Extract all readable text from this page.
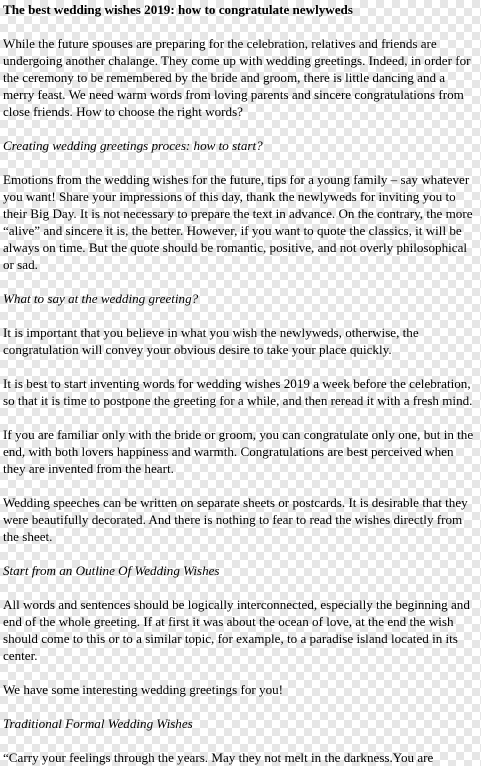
The best wedding wishes 2019: how to congratulate newlyweds

While the future spouses are preparing for the celebration, relatives and friends are undergoing another chalange. They come up with wedding greetings. Indeed, in order for the ceremony to be remembered by the bride and groom, there is little dancing and a merry feast. We need warm words from loving parents and sincere congratulations from close friends. How to choose the right words?

Creating wedding greetings proces: how to start?

Emotions from the wedding wishes for the future, tips for a young family – say whatever you want! Share your impressions of this day, thank the newlyweds for inviting you to their Big Day. It is not necessary to prepare the text in advance. On the contrary, the more “alive” and sincere it is, the better. However, if you want to quote the classics, it will be always on time. But the quote should be romantic, positive, and not overly philosophical or sad.

What to say at the wedding greeting?

It is important that you believe in what you wish the newlyweds, otherwise, the congratulation will convey your obvious desire to take your place quickly.

It is best to start inventing words for wedding wishes 2019 a week before the celebration, so that it is time to postpone the greeting for a while, and then reread it with a fresh mind.

If you are familiar only with the bride or groom, you can congratulate only one, but in the end, with both lovers happiness and warmth. Congratulations are best perceived when they are invented from the heart.

Wedding speeches can be written on separate sheets or postcards. It is desirable that they were beautifully decorated. And there is nothing to fear to read the wishes directly from the sheet.

Start from an Outline Of Wedding Wishes

All words and sentences should be logically interconnected, especially the beginning and end of the whole greeting. If at first it was about the ocean of love, at the end the wish should come to this or to a similar topic, for example, to a paradise island located in its center.

We have some interesting wedding greetings for you!

Traditional Formal Wedding Wishes

“Carry your feelings through the years. May they not melt in the darkness.You are
